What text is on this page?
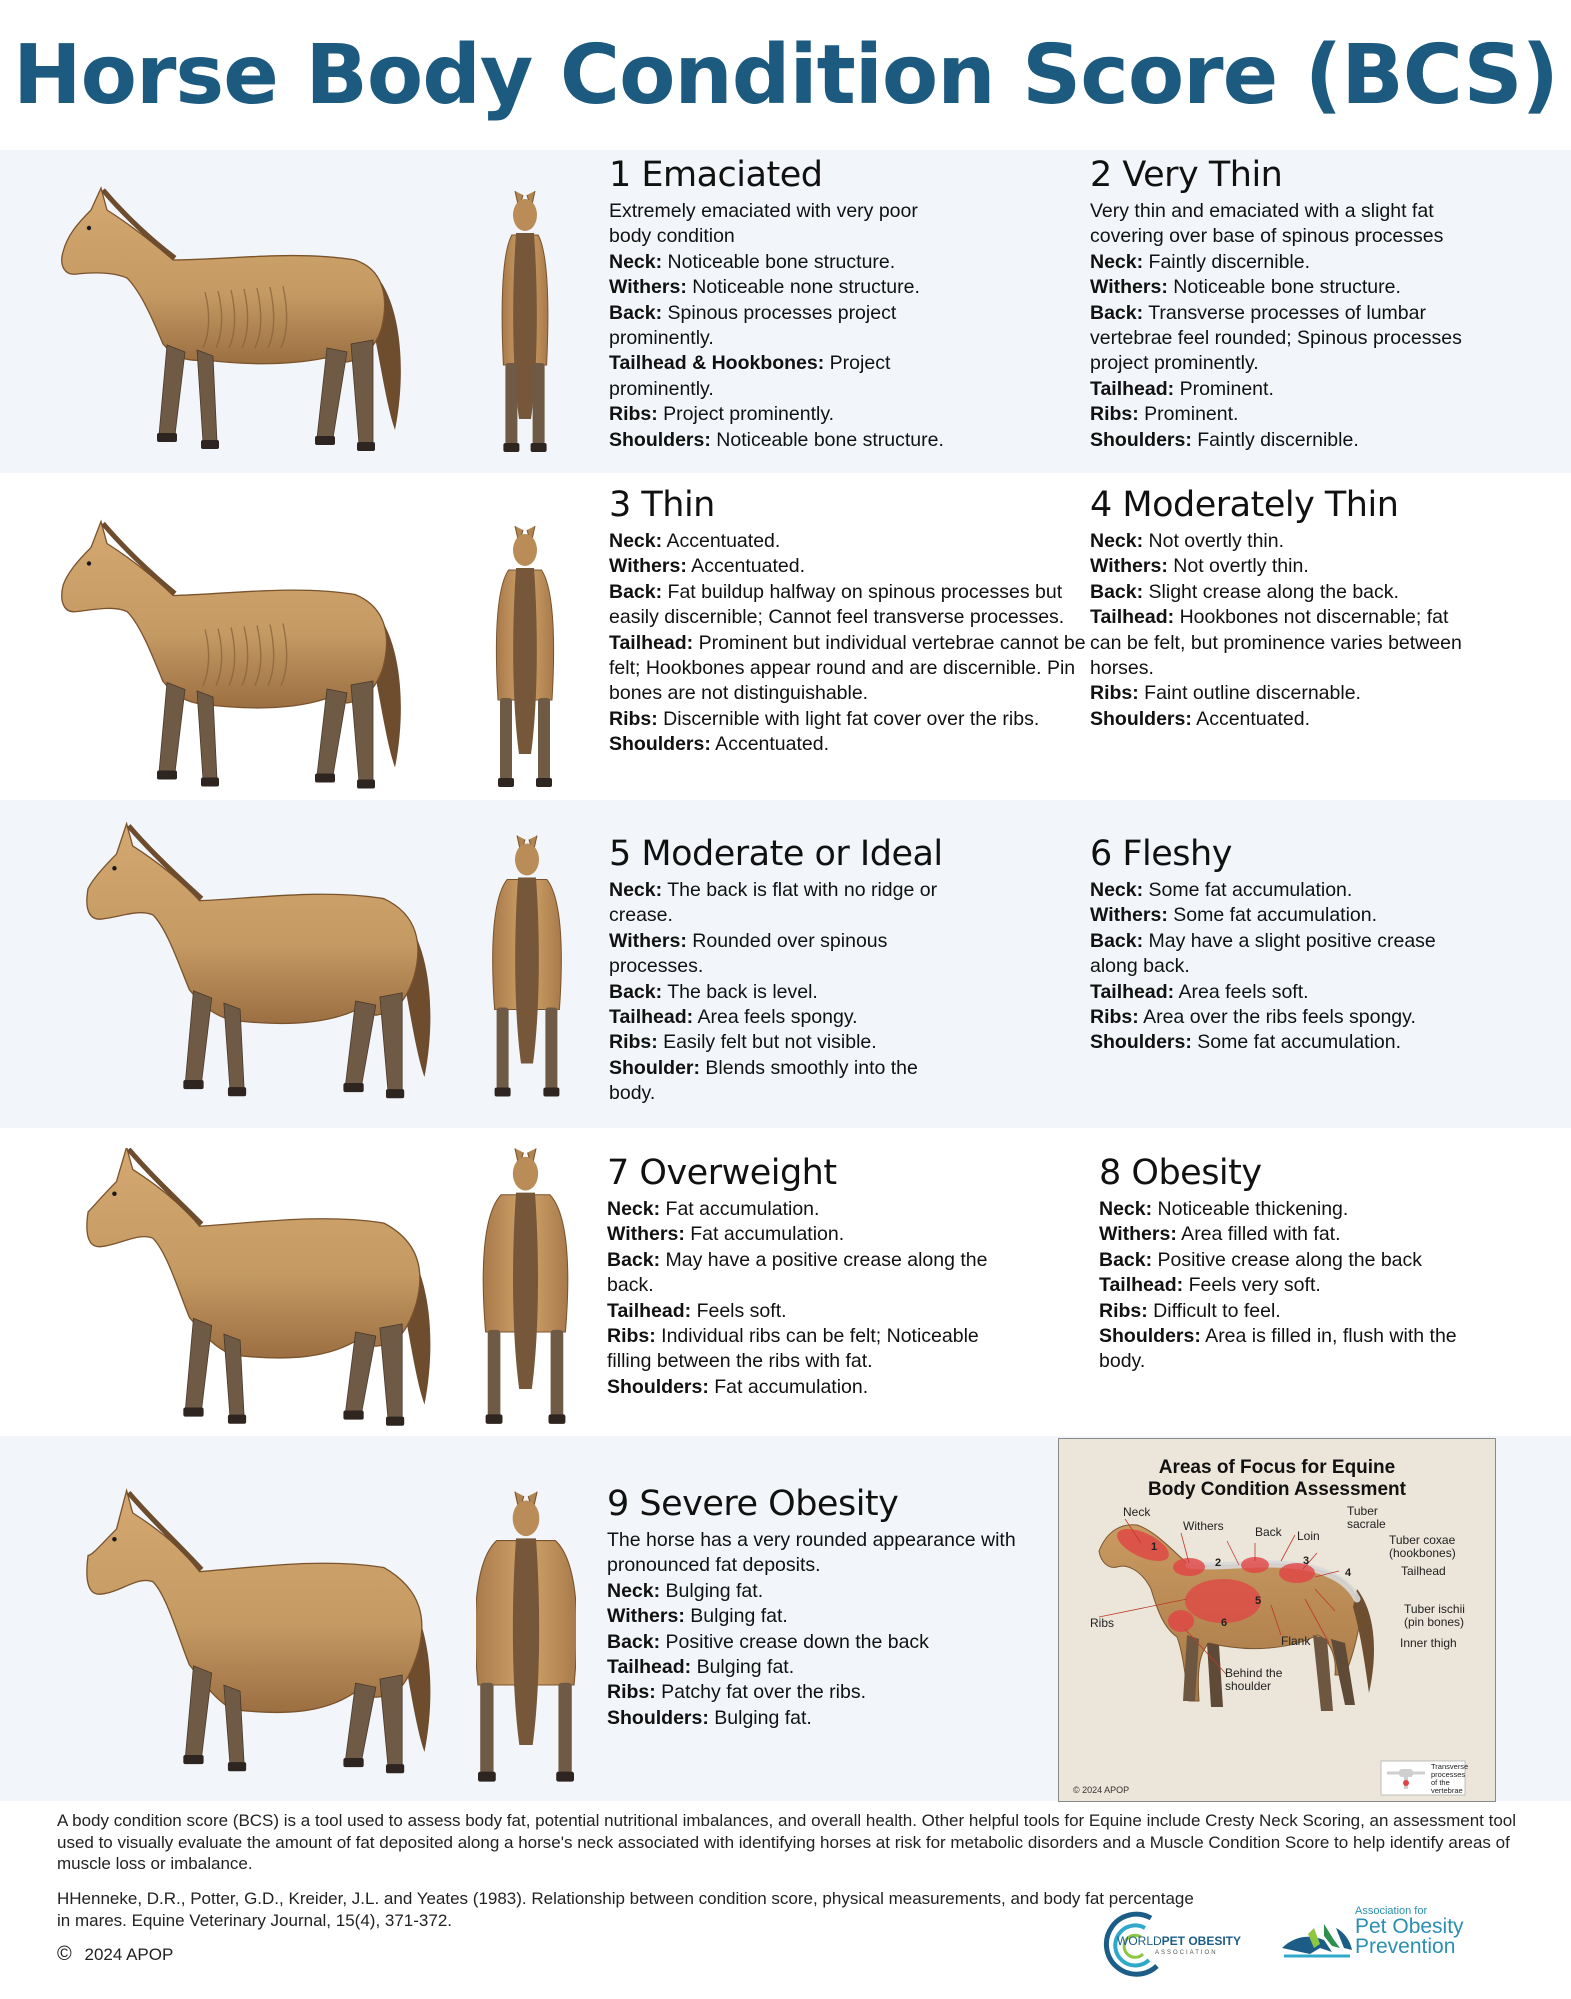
Horse Body Condition Score (BCS)
1 Emaciated

Extremely emaciated with very poor body condition
Neck: Noticeable bone structure.
Withers: Noticeable none structure.
Back: Spinous processes project prominently.
Tailhead & Hookbones: Project prominently.
Ribs: Project prominently.
Shoulders: Noticeable bone structure.

2 Very Thin

Very thin and emaciated with a slight fat covering over base of spinous processes
Neck: Faintly discernible.
Withers: Noticeable bone structure.
Back: Transverse processes of lumbar vertebrae feel rounded; Spinous processes project prominently.
Tailhead: Prominent.
Ribs: Prominent.
Shoulders: Faintly discernible.

3 Thin

Neck: Accentuated.
Withers: Accentuated.
Back: Fat buildup halfway on spinous processes but easily discernible; Cannot feel transverse processes.
Tailhead: Prominent but individual vertebrae cannot be felt; Hookbones appear round and are discernible. Pin bones are not distinguishable.
Ribs: Discernible with light fat cover over the ribs.
Shoulders: Accentuated.

4 Moderately Thin

Neck: Not overtly thin.
Withers: Not overtly thin.
Back: Slight crease along the back.
Tailhead: Hookbones not discernable; fat can be felt, but prominence varies between horses.
Ribs: Faint outline discernable.
Shoulders: Accentuated.

5 Moderate or Ideal

Neck: The back is flat with no ridge or crease.
Withers: Rounded over spinous processes.
Back: The back is level.
Tailhead: Area feels spongy.
Ribs: Easily felt but not visible.
Shoulder: Blends smoothly into the body.

6 Fleshy

Neck: Some fat accumulation.
Withers: Some fat accumulation.
Back: May have a slight positive crease along back.
Tailhead: Area feels soft.
Ribs: Area over the ribs feels spongy.
Shoulders: Some fat accumulation.

7 Overweight

Neck: Fat accumulation.
Withers: Fat accumulation.
Back: May have a positive crease along the back.
Tailhead: Feels soft.
Ribs: Individual ribs can be felt; Noticeable filling between the ribs with fat.
Shoulders: Fat accumulation.

8 Obesity

Neck: Noticeable thickening.
Withers: Area filled with fat.
Back: Positive crease along the back
Tailhead: Feels very soft.
Ribs: Difficult to feel.
Shoulders: Area is filled in, flush with the body.

9 Severe Obesity

The horse has a very rounded appearance with pronounced fat deposits.
Neck: Bulging fat.
Withers: Bulging fat.
Back: Positive crease down the back
Tailhead: Bulging fat.
Ribs: Patchy fat over the ribs.
Shoulders: Bulging fat.

Areas of Focus for Equine
Body Condition Assessment
Neck
Withers	Back Loin
Tuber
sacrale
Tuber coxae
(hookbones)
Tailhead
Tuber ischii
(pin bones)
Inner thigh
Flank
Ribs
Behind the
shoulder
Transverse
processes
of the
vertebrae
1
2	3
4
5
6
© 2024 APOP
A body condition score (BCS) is a tool used to assess body fat, potential nutritional imbalances, and overall health. Other helpful tools for Equine include Cresty Neck Scoring, an assessment tool used to visually evaluate the amount of fat deposited along a horse's neck associated with identifying horses at risk for metabolic disorders and a Muscle Condition Score to help identify areas of muscle loss or imbalance.
HHenneke, D.R., Potter, G.D., Kreider, J.L. and Yeates (1983). Relationship between condition score, physical measurements, and body fat percentage
in mares. Equine Veterinary Journal, 15(4), 371-372.
© 2024 APOP
WORLDPET OBESITY
ASSOCIATION
Association for
Pet Obesity
Prevention
